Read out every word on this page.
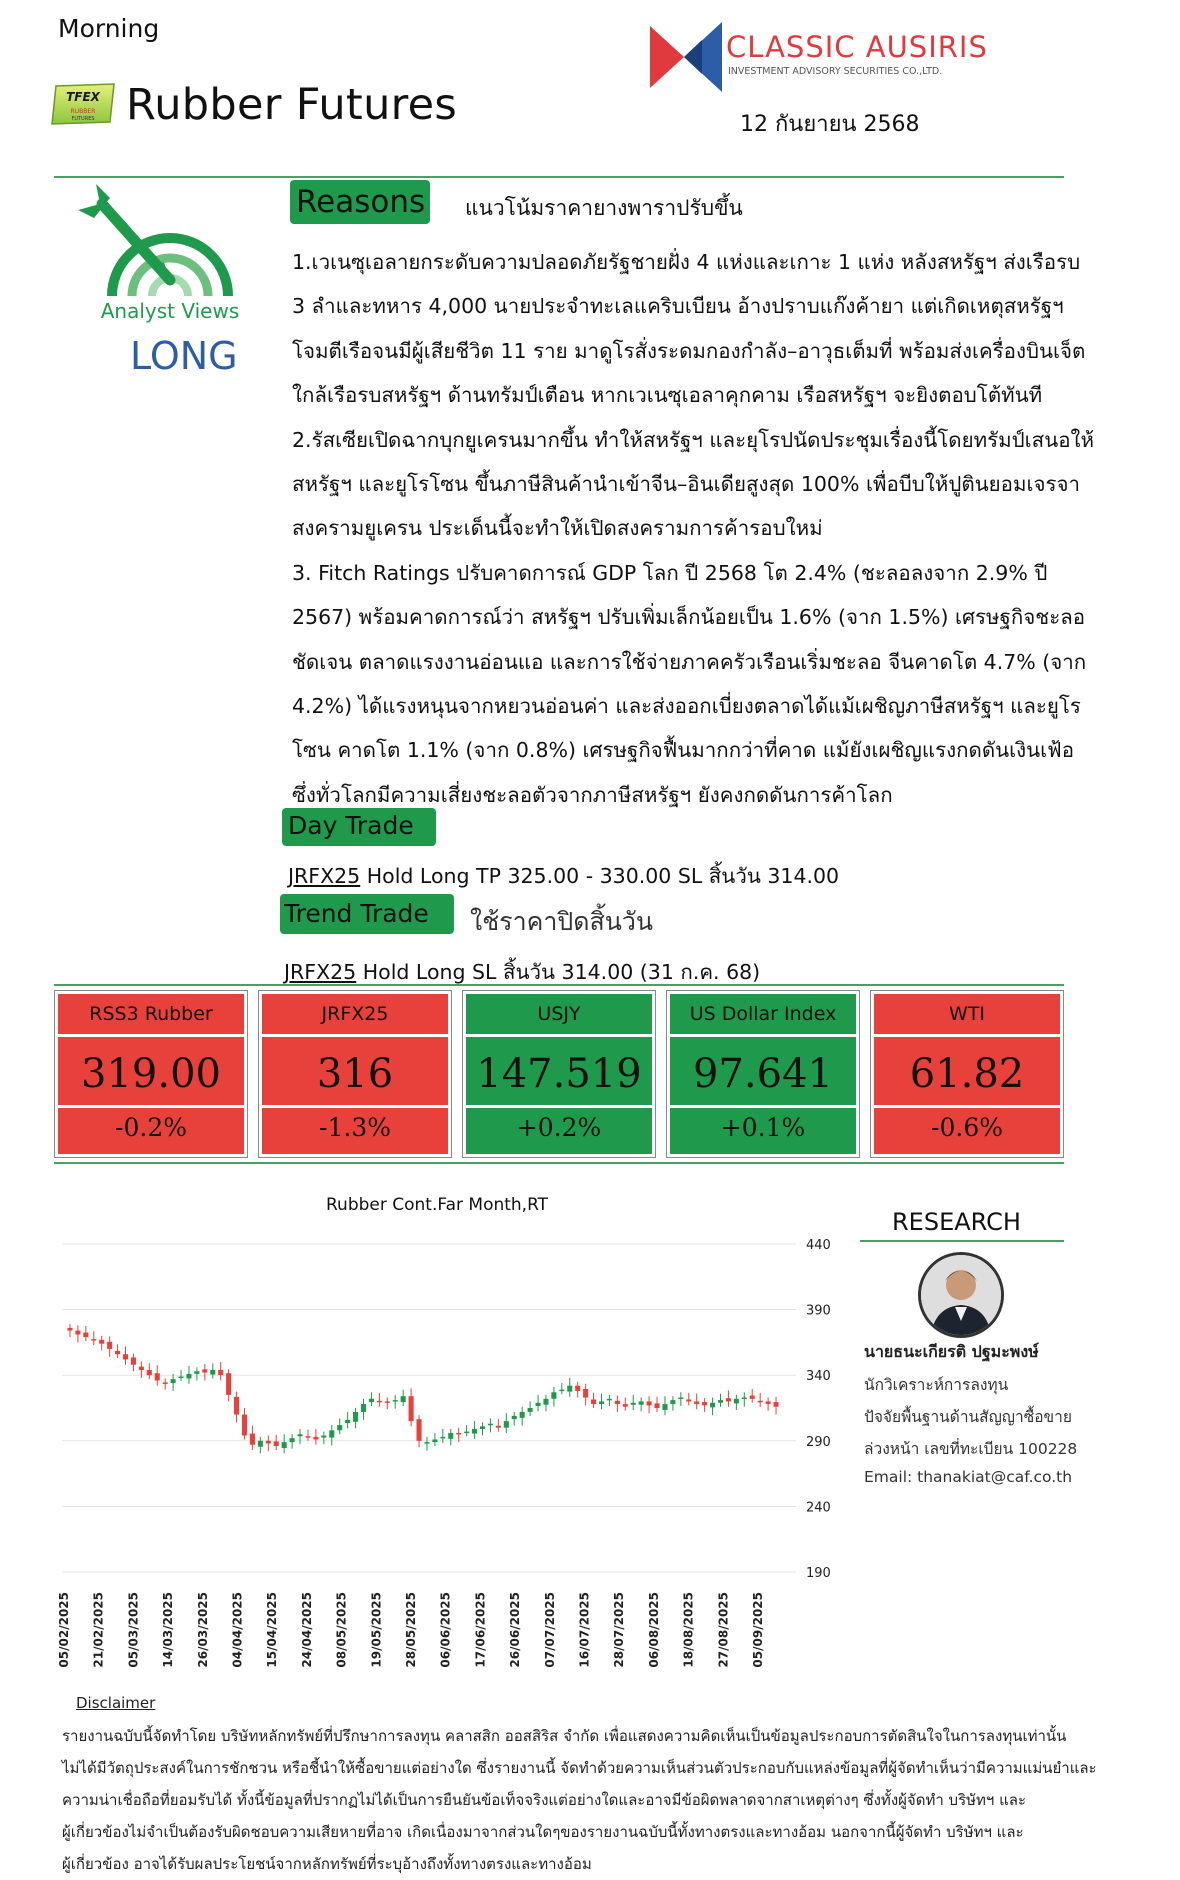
Morning
TFEX
RUBBER
FUTURES Rubber Futures
CLASSIC AUSIRIS
INVESTMENT ADVISORY SECURITIES CO.,LTD.
12 กันยายน 2568
Analyst Views
LONG
Reasons แนวโน้มราคายางพาราปรับขึ้น

1.เวเนซุเอลายกระดับความปลอดภัยรัฐชายฝั่ง 4 แห่งและเกาะ 1 แห่ง หลังสหรัฐฯ ส่งเรือรบ

3 ลำและทหาร 4,000 นายประจำทะเลแคริบเบียน อ้างปราบแก๊งค้ายา แต่เกิดเหตุสหรัฐฯ

โจมตีเรือจนมีผู้เสียชีวิต 11 ราย มาดูโรสั่งระดมกองกำลัง–อาวุธเต็มที่ พร้อมส่งเครื่องบินเจ็ต

ใกล้เรือรบสหรัฐฯ ด้านทรัมป์เตือน หากเวเนซุเอลาคุกคาม เรือสหรัฐฯ จะยิงตอบโต้ทันที

2.รัสเซียเปิดฉากบุกยูเครนมากขึ้น ทำให้สหรัฐฯ และยุโรปนัดประชุมเรื่องนี้โดยทรัมป์เสนอให้

สหรัฐฯ และยูโรโซน ขึ้นภาษีสินค้านำเข้าจีน–อินเดียสูงสุด 100% เพื่อบีบให้ปูตินยอมเจรจา

สงครามยูเครน ประเด็นนี้จะทำให้เปิดสงครามการค้ารอบใหม่

3. Fitch Ratings ปรับคาดการณ์ GDP โลก ปี 2568 โต 2.4% (ชะลอลงจาก 2.9% ปี

2567) พร้อมคาดการณ์ว่า สหรัฐฯ ปรับเพิ่มเล็กน้อยเป็น 1.6% (จาก 1.5%) เศรษฐกิจชะลอ

ชัดเจน ตลาดแรงงานอ่อนแอ และการใช้จ่ายภาคครัวเรือนเริ่มชะลอ จีนคาดโต 4.7% (จาก

4.2%) ได้แรงหนุนจากหยวนอ่อนค่า และส่งออกเบี่ยงตลาดได้แม้เผชิญภาษีสหรัฐฯ และยูโร

โซน คาดโต 1.1% (จาก 0.8%) เศรษฐกิจฟื้นมากกว่าที่คาด แม้ยังเผชิญแรงกดดันเงินเฟ้อ

ซึ่งทั่วโลกมีความเสี่ยงชะลอตัวจากภาษีสหรัฐฯ ยังคงกดดันการค้าโลก

Day Trade
JRFX25 Hold Long TP 325.00 - 330.00 SL สิ้นวัน 314.00
Trend Trade	ใช้ราคาปิดสิ้นวัน
JRFX25 Hold Long SL สิ้นวัน 314.00 (31 ก.ค. 68)
RSS3 Rubber
319.00
-0.2%
JRFX25
316
-1.3%
USJY
147.519
+0.2%
US Dollar Index
97.641
+0.1%
WTI
61.82
-0.6%
Rubber Cont.Far Month,RT
440
390
340
290
240
190
05/02/2025 21/02/2025 05/03/2025 14/03/2025 26/03/2025 04/04/2025 15/04/2025 24/04/2025 08/05/2025 19/05/2025 28/05/2025 06/06/2025 17/06/2025 26/06/2025 07/07/2025 16/07/2025 28/07/2025 06/08/2025 18/08/2025 27/08/2025 05/09/2025
RESEARCH
นายธนะเกียรติ ปฐมะพงษ์
นักวิเคราะห์การลงทุน
ปัจจัยพื้นฐานด้านสัญญาซื้อขาย
ล่วงหน้า เลขที่ทะเบียน 100228
Email: thanakiat@caf.co.th
Disclaimer

รายงานฉบับนี้จัดทำโดย บริษัทหลักทรัพย์ที่ปรึกษาการลงทุน คลาสสิก ออสสิริส จำกัด เพื่อแสดงความคิดเห็นเป็นข้อมูลประกอบการตัดสินใจในการลงทุนเท่านั้น

ไม่ได้มีวัตถุประสงค์ในการชักชวน หรือชี้นำให้ซื้อขายแต่อย่างใด ซึ่งรายงานนี้ จัดทำด้วยความเห็นส่วนตัวประกอบกับแหล่งข้อมูลที่ผู้จัดทำเห็นว่ามีความแม่นยำและ

ความน่าเชื่อถือที่ยอมรับได้ ทั้งนี้ข้อมูลที่ปรากฏไม่ได้เป็นการยืนยันข้อเท็จจริงแต่อย่างใดและอาจมีข้อผิดพลาดจากสาเหตุต่างๆ ซึ่งทั้งผู้จัดทำ บริษัทฯ และ

ผู้เกี่ยวข้องไม่จำเป็นต้องรับผิดชอบความเสียหายที่อาจ เกิดเนื่องมาจากส่วนใดๆของรายงานฉบับนี้ทั้งทางตรงและทางอ้อม นอกจากนี้ผู้จัดทำ บริษัทฯ และ

ผู้เกี่ยวข้อง อาจได้รับผลประโยชน์จากหลักทรัพย์ที่ระบุอ้างถึงทั้งทางตรงและทางอ้อม
